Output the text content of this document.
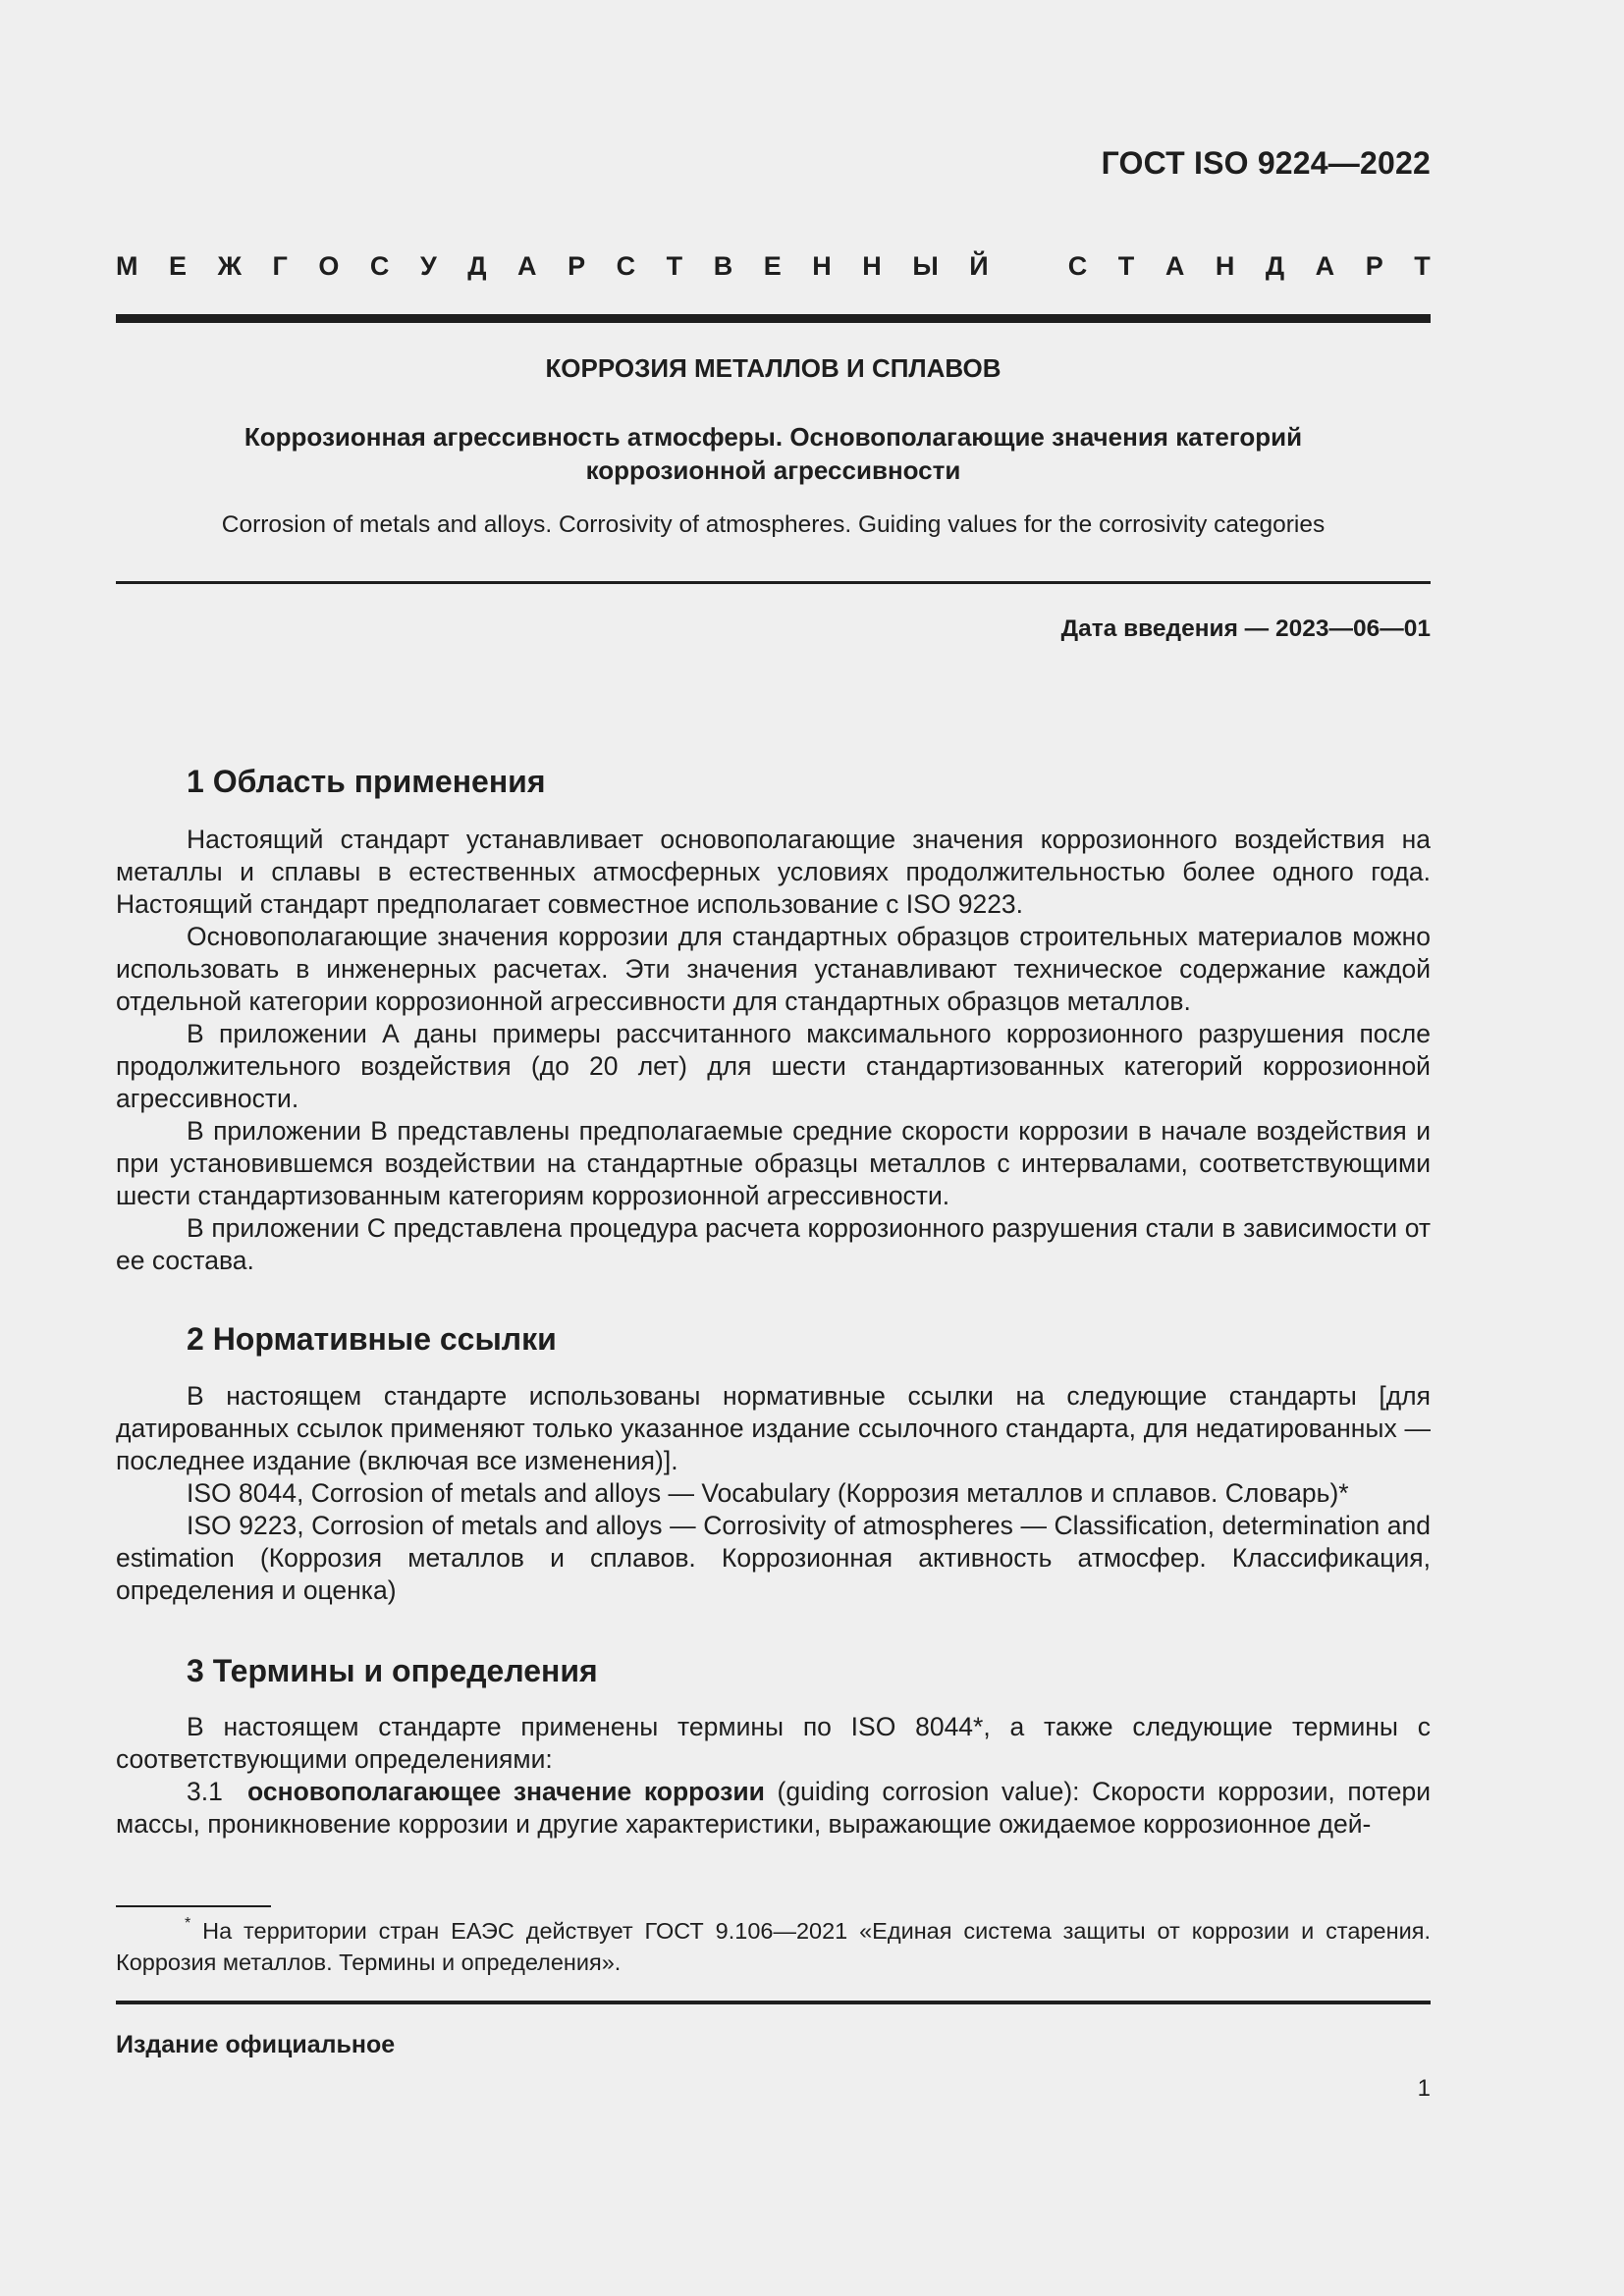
ГОСТ ISO 9224—2022
М Е Ж Г О С У Д А Р С Т В Е Н Н Ы Й	С Т А Н Д А Р Т
КОРРОЗИЯ МЕТАЛЛОВ И СПЛАВОВ
Коррозионная агрессивность атмосферы. Основополагающие значения категорий
коррозионной агрессивности
Corrosion of metals and alloys. Corrosivity of atmospheres. Guiding values for the corrosivity categories
Дата введения — 2023—06—01
1 Область применения

Настоящий стандарт устанавливает основополагающие значения коррозионного воздействия на металлы и сплавы в естественных атмосферных условиях продолжительностью более одного года. Настоящий стандарт предполагает совместное использование с ISO 9223.

Основополагающие значения коррозии для стандартных образцов строительных материалов можно использовать в инженерных расчетах. Эти значения устанавливают техническое содержание каждой отдельной категории коррозионной агрессивности для стандартных образцов металлов.

В приложении А даны примеры рассчитанного максимального коррозионного разрушения после продолжительного воздействия (до 20 лет) для шести стандартизованных категорий коррозионной агрессивности.

В приложении В представлены предполагаемые средние скорости коррозии в начале воздействия и при установившемся воздействии на стандартные образцы металлов с интервалами, соответствующими шести стандартизованным категориям коррозионной агрессивности.

В приложении С представлена процедура расчета коррозионного разрушения стали в зависимости от ее состава.

2 Нормативные ссылки

В настоящем стандарте использованы нормативные ссылки на следующие стандарты [для датированных ссылок применяют только указанное издание ссылочного стандарта, для недатированных — последнее издание (включая все изменения)].

ISO 8044, Corrosion of metals and alloys — Vocabulary (Коррозия металлов и сплавов. Словарь)*

ISO 9223, Corrosion of metals and alloys — Corrosivity of atmospheres — Classification, determination and estimation (Коррозия металлов и сплавов. Коррозионная активность атмосфер. Классификация, определения и оценка)

3 Термины и определения

В настоящем стандарте применены термины по ISO 8044*, а также следующие термины с соответствующими определениями:

3.1 основополагающее значение коррозии (guiding corrosion value): Скорости коррозии, потери массы, проникновение коррозии и другие характеристики, выражающие ожидаемое коррозионное дей-

* На территории стран ЕАЭС действует ГОСТ 9.106—2021 «Единая система защиты от коррозии и старения. Коррозия металлов. Термины и определения».
Издание официальное
1
